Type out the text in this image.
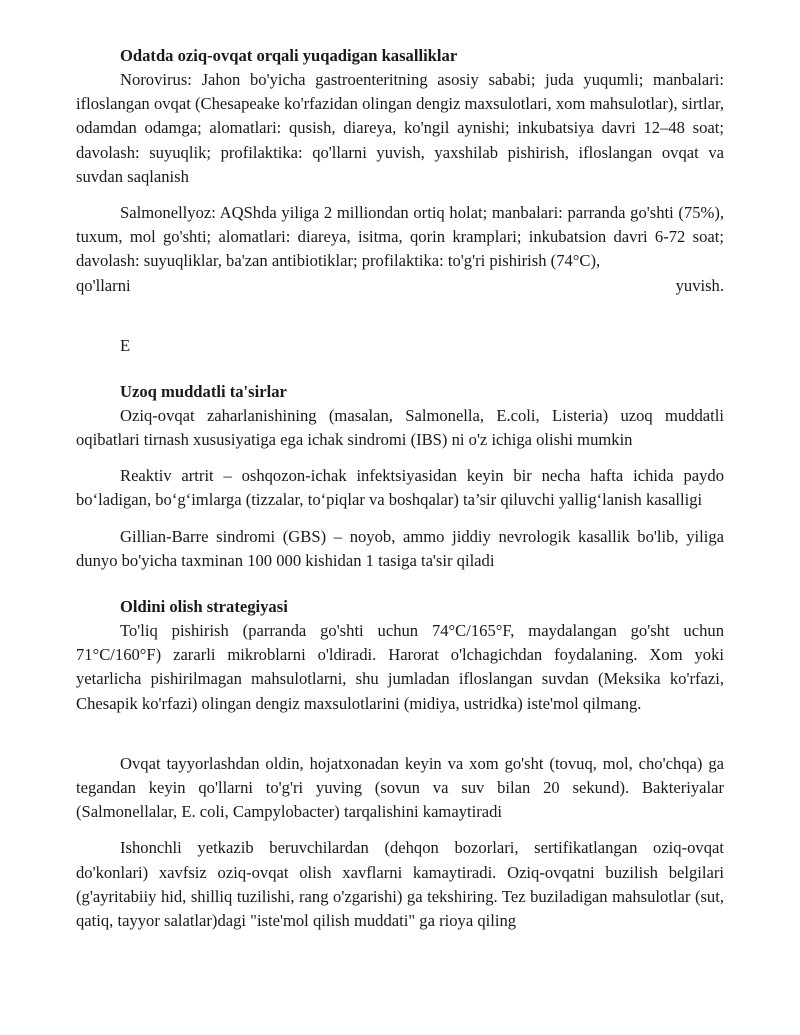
Odatda oziq-ovqat orqali yuqadigan kasalliklar

Norovirus: Jahon bo'yicha gastroenteritning asosiy sababi; juda yuqumli; manbalari: ifloslangan ovqat (Chesapeake ko'rfazidan olingan dengiz maxsulotlari, xom mahsulotlar), sirtlar, odamdan odamga; alomatlari: qusish, diareya, ko'ngil aynishi; inkubatsiya davri 12–48 soat; davolash: suyuqlik; profilaktika: qo'llarni yuvish, yaxshilab pishirish, ifloslangan ovqat va suvdan saqlanish

Salmonellyoz: AQShda yiliga 2 milliondan ortiq holat; manbalari: parranda go'shti (75%), tuxum, mol go'shti; alomatlari: diareya, isitma, qorin kramplari; inkubatsion davri 6-72 soat; davolash: suyuqliklar, ba'zan antibiotiklar; profilaktika: to'g'ri pishirish (74°C),

qo'llarni	yuvish.
E
Uzoq muddatli ta'sirlar

Oziq-ovqat zaharlanishining (masalan, Salmonella, E.coli, Listeria) uzoq muddatli oqibatlari tirnash xususiyatiga ega ichak sindromi (IBS) ni o'z ichiga olishi mumkin

Reaktiv artrit – oshqozon-ichak infektsiyasidan keyin bir necha hafta ichida paydo bo‘ladigan, bo‘g‘imlarga (tizzalar, to‘piqlar va boshqalar) ta’sir qiluvchi yallig‘lanish kasalligi

Gillian-Barre sindromi (GBS) – noyob, ammo jiddiy nevrologik kasallik bo'lib, yiliga dunyo bo'yicha taxminan 100 000 kishidan 1 tasiga ta'sir qiladi

Oldini olish strategiyasi

To'liq pishirish (parranda go'shti uchun 74°C/165°F, maydalangan go'sht uchun 71°C/160°F) zararli mikroblarni o'ldiradi. Harorat o'lchagichdan foydalaning. Xom yoki yetarlicha pishirilmagan mahsulotlarni, shu jumladan ifloslangan suvdan (Meksika ko'rfazi, Chesapik ko'rfazi) olingan dengiz maxsulotlarini (midiya, ustridka) iste'mol qilmang.

Ovqat tayyorlashdan oldin, hojatxonadan keyin va xom go'sht (tovuq, mol, cho'chqa) ga tegandan keyin qo'llarni to'g'ri yuving (sovun va suv bilan 20 sekund). Bakteriyalar (Salmonellalar, E. coli, Campylobacter) tarqalishini kamaytiradi

Ishonchli yetkazib beruvchilardan (dehqon bozorlari, sertifikatlangan oziq-ovqat do'konlari) xavfsiz oziq-ovqat olish xavflarni kamaytiradi. Oziq-ovqatni buzilish belgilari (g'ayritabiiy hid, shilliq tuzilishi, rang o'zgarishi) ga tekshiring. Tez buziladigan mahsulotlar (sut, qatiq, tayyor salatlar)dagi "iste'mol qilish muddati" ga rioya qiling
